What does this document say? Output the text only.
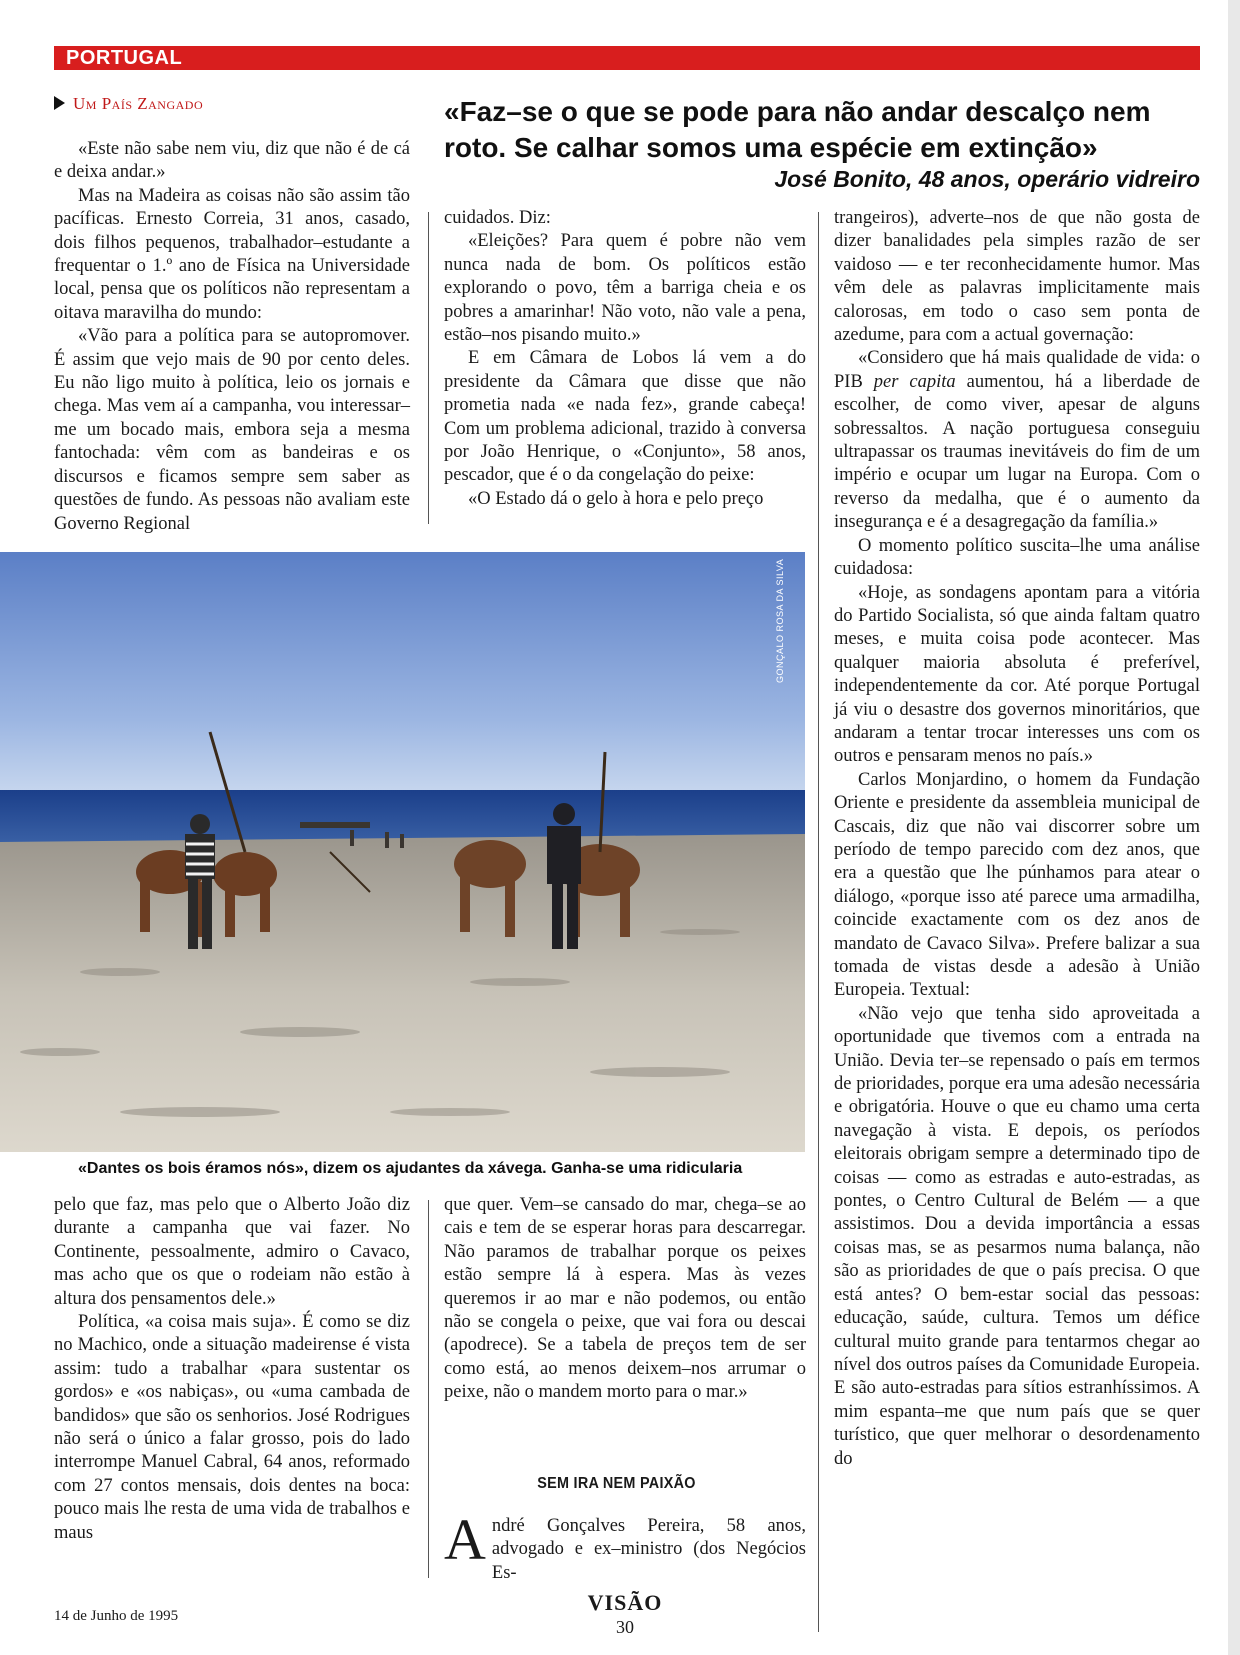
PORTUGAL
Um País Zangado	«Faz–se o que se pode para não andar descalço nem roto. Se calhar somos uma espécie em extinção»
José Bonito, 48 anos, operário vidreiro

«Este não sabe nem viu, diz que não é de cá e deixa andar.»

Mas na Madeira as coisas não são assim tão pacíficas. Ernesto Correia, 31 anos, casado, dois filhos pequenos, trabalhador–estudante a frequentar o 1.º ano de Física na Universidade local, pensa que os políticos não representam a oitava maravilha do mundo:

«Vão para a política para se autopromover. É assim que vejo mais de 90 por cento deles. Eu não ligo muito à política, leio os jornais e chega. Mas vem aí a campanha, vou interessar–me um bocado mais, embora seja a mesma fantochada: vêm com as bandeiras e os discursos e ficamos sempre sem saber as questões de fundo. As pessoas não avaliam este Governo Regional

cuidados. Diz:

«Eleições? Para quem é pobre não vem nunca nada de bom. Os políticos estão explorando o povo, têm a barriga cheia e os pobres a amarinhar! Não voto, não vale a pena, estão–nos pisando muito.»

E em Câmara de Lobos lá vem a do presidente da Câmara que disse que não prometia nada «e nada fez», grande cabeça! Com um problema adicional, trazido à conversa por João Henrique, o «Conjunto», 58 anos, pescador, que é o da congelação do peixe:

«O Estado dá o gelo à hora e pelo preço

trangeiros), adverte–nos de que não gosta de dizer banalidades pela simples razão de ser vaidoso — e ter reconhecidamente humor. Mas vêm dele as palavras implicitamente mais calorosas, em todo o caso sem ponta de azedume, para com a actual governação:

«Considero que há mais qualidade de vida: o PIB per capita aumentou, há a liberdade de escolher, de como viver, apesar de alguns sobressaltos. A nação portuguesa conseguiu ultrapassar os traumas inevitáveis do fim de um império e ocupar um lugar na Europa. Com o reverso da medalha, que é o aumento da insegurança e é a desagregação da família.»

O momento político suscita–lhe uma análise cuidadosa:

«Hoje, as sondagens apontam para a vitória do Partido Socialista, só que ainda faltam quatro meses, e muita coisa pode acontecer. Mas qualquer maioria absoluta é preferível, independentemente da cor. Até porque Portugal já viu o desastre dos governos minoritários, que andaram a tentar trocar interesses uns com os outros e pensaram menos no país.»

Carlos Monjardino, o homem da Fundação Oriente e presidente da assembleia municipal de Cascais, diz que não vai discorrer sobre um período de tempo parecido com dez anos, que era a questão que lhe púnhamos para atear o diálogo, «porque isso até parece uma armadilha, coincide exactamente com os dez anos de mandato de Cavaco Silva». Prefere balizar a sua tomada de vistas desde a adesão à União Europeia. Textual:

«Não vejo que tenha sido aproveitada a oportunidade que tivemos com a entrada na União. Devia ter–se repensado o país em termos de prioridades, porque era uma adesão necessária e obrigatória. Houve o que eu chamo uma certa navegação à vista. E depois, os períodos eleitorais obrigam sempre a determinado tipo de coisas — como as estradas e auto-estradas, as pontes, o Centro Cultural de Belém — a que assistimos. Dou a devida importância a essas coisas mas, se as pesarmos numa balança, não são as prioridades de que o país precisa. O que está antes? O bem-estar social das pessoas: educação, saúde, cultura. Temos um défice cultural muito grande para tentarmos chegar ao nível dos outros países da Comunidade Europeia. E são auto-estradas para sítios estranhíssimos. A mim espanta–me que num país que se quer turístico, que quer melhorar o desordenamento do

GONÇALO ROSA DA SILVA
«Dantes os bois éramos nós», dizem os ajudantes da xávega. Ganha-se uma ridicularia

pelo que faz, mas pelo que o Alberto João diz durante a campanha que vai fazer. No Continente, pessoalmente, admiro o Cavaco, mas acho que os que o rodeiam não estão à altura dos pensamentos dele.»

Política, «a coisa mais suja». É como se diz no Machico, onde a situação madeirense é vista assim: tudo a trabalhar «para sustentar os gordos» e «os nabiças», ou «uma cambada de bandidos» que são os senhorios. José Rodrigues não será o único a falar grosso, pois do lado interrompe Manuel Cabral, 64 anos, reformado com 27 contos mensais, dois dentes na boca: pouco mais lhe resta de uma vida de trabalhos e maus

que quer. Vem–se cansado do mar, chega–se ao cais e tem de se esperar horas para descarregar. Não paramos de trabalhar porque os peixes estão sempre lá à espera. Mas às vezes queremos ir ao mar e não podemos, ou então não se congela o peixe, que vai fora ou descai (apodrece). Se a tabela de preços tem de ser como está, ao menos deixem–nos arrumar o peixe, não o mandem morto para o mar.»

SEM IRA NEM PAIXÃO

André Gonçalves Pereira, 58 anos, advogado e ex–ministro (dos Negócios Es-

14 de Junho de 1995
VISÃO
30
